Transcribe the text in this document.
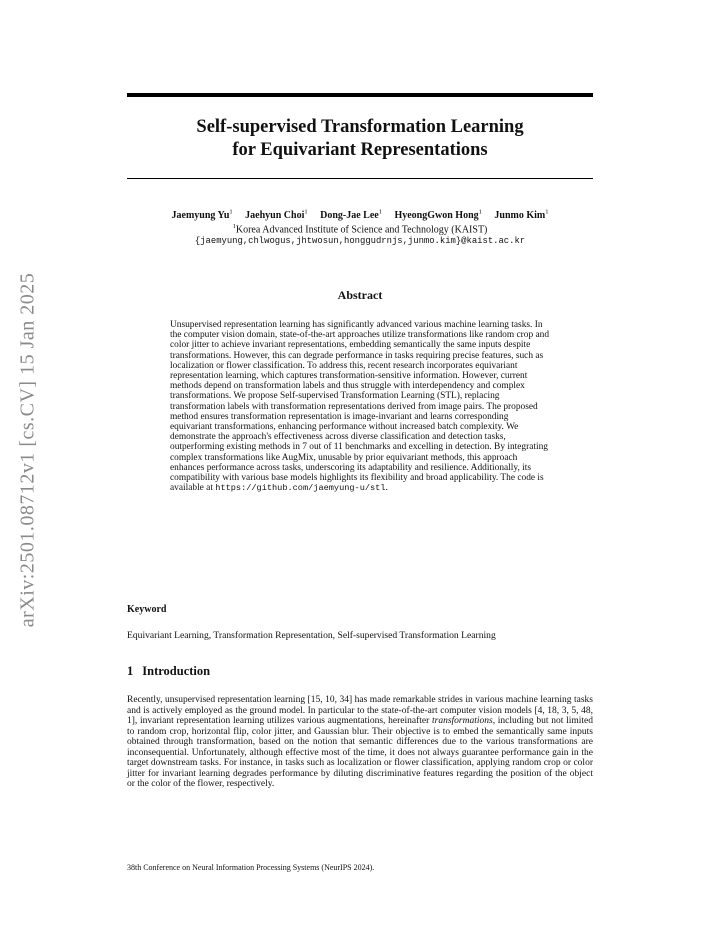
arXiv:2501.08712v1 [cs.CV] 15 Jan 2025
Self-supervised Transformation Learning
for Equivariant Representations
Jaemyung Yu$^1$ Jaehyun Choi$^1$ Dong-Jae Lee$^1$ HyeongGwon Hong$^1$ Junmo Kim$^1$
$^1$Korea Advanced Institute of Science and Technology (KAIST)
{jaemyung,chlwogus,jhtwosun,honggudrnjs,junmo.kim}@kaist.ac.kr
Abstract

Unsupervised representation learning has significantly advanced various machine learning tasks. In the computer vision domain, state-of-the-art approaches utilize transformations like random crop and color jitter to achieve invariant representations, embedding semantically the same inputs despite transformations. However, this can degrade performance in tasks requiring precise features, such as localization or flower classification. To address this, recent research incorporates equivariant representation learning, which captures transformation-sensitive information. However, current methods depend on transformation labels and thus struggle with interdependency and complex transformations. We propose Self-supervised Transformation Learning (STL), replacing transformation labels with transformation representations derived from image pairs. The proposed method ensures transformation representation is image-invariant and learns corresponding equivariant transformations, enhancing performance without increased batch complexity. We demonstrate the approach's effectiveness across diverse classification and detection tasks, outperforming existing methods in 7 out of 11 benchmarks and excelling in detection. By integrating complex transformations like AugMix, unusable by prior equivariant methods, this approach enhances performance across tasks, underscoring its adaptability and resilience. Additionally, its compatibility with various base models highlights its flexibility and broad applicability. The code is available at https://github.com/jaemyung-u/stl.

Keyword
Equivariant Learning, Transformation Representation, Self-supervised Transformation Learning
1 Introduction

Recently, unsupervised representation learning [15, 10, 34] has made remarkable strides in various machine learning tasks and is actively employed as the ground model. In particular to the state-of-the-art computer vision models [4, 18, 3, 5, 48, 1], invariant representation learning utilizes various augmentations, hereinafter transformations, including but not limited to random crop, horizontal flip, color jitter, and Gaussian blur. Their objective is to embed the semantically same inputs obtained through transformation, based on the notion that semantic differences due to the various transformations are inconsequential. Unfortunately, although effective most of the time, it does not always guarantee performance gain in the target downstream tasks. For instance, in tasks such as localization or flower classification, applying random crop or color jitter for invariant learning degrades performance by diluting discriminative features regarding the position of the object or the color of the flower, respectively.

38th Conference on Neural Information Processing Systems (NeurIPS 2024).
